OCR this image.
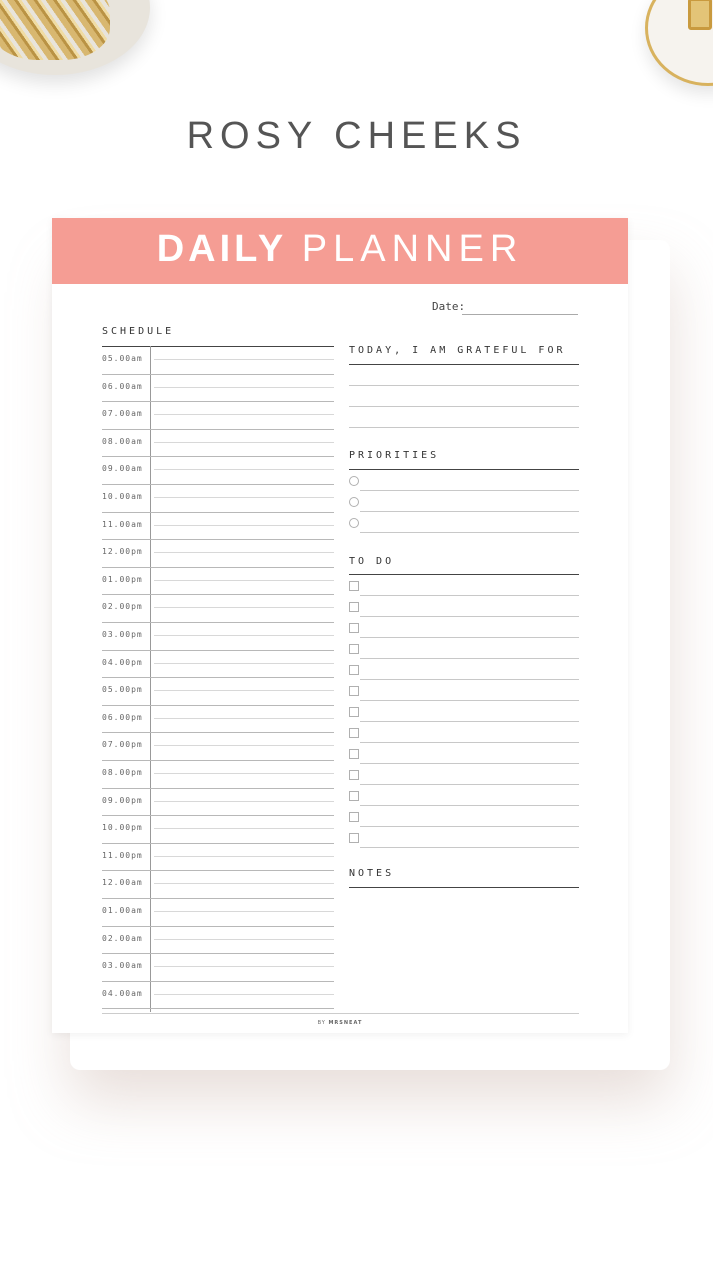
ROSY CHEEKS
DAILY PLANNER
Date:
SCHEDULE
05.00am
06.00am
07.00am
08.00am
09.00am
10.00am
11.00am
12.00pm
01.00pm
02.00pm
03.00pm
04.00pm
05.00pm
06.00pm
07.00pm
08.00pm
09.00pm
10.00pm
11.00pm
12.00am
01.00am
02.00am
03.00am
04.00am
TODAY, I AM GRATEFUL FOR
PRIORITIES
TO DO
NOTES
BY MRSNEAT
